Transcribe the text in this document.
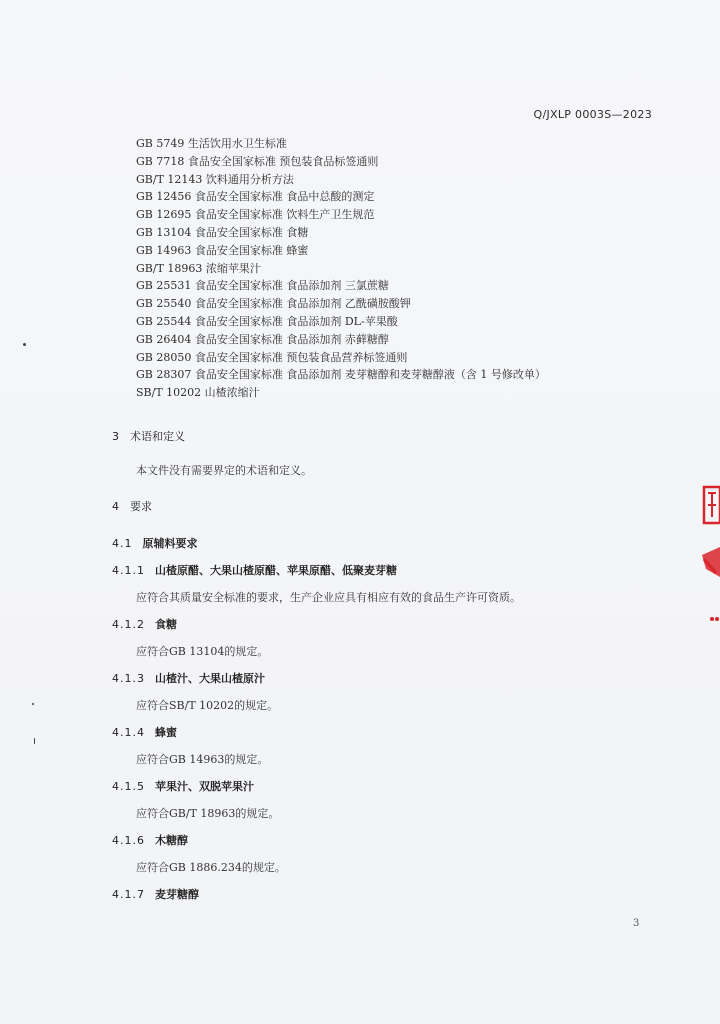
Q/JXLP 0003S—2023
GB 5749 生活饮用水卫生标准
GB 7718 食品安全国家标准 预包装食品标签通则
GB/T 12143 饮料通用分析方法
GB 12456 食品安全国家标准 食品中总酸的测定
GB 12695 食品安全国家标准 饮料生产卫生规范
GB 13104 食品安全国家标准 食糖
GB 14963 食品安全国家标准 蜂蜜
GB/T 18963 浓缩苹果汁
GB 25531 食品安全国家标准 食品添加剂 三氯蔗糖
GB 25540 食品安全国家标准 食品添加剂 乙酰磺胺酸钾
GB 25544 食品安全国家标准 食品添加剂 DL-苹果酸
GB 26404 食品安全国家标准 食品添加剂 赤藓糖醇
GB 28050 食品安全国家标准 预包装食品营养标签通则
GB 28307 食品安全国家标准 食品添加剂 麦芽糖醇和麦芽糖醇液（含 1 号修改单）
SB/T 10202 山楂浓缩汁
3 术语和定义
本文件没有需要界定的术语和定义。
4 要求
4.1 原辅料要求
4.1.1 山楂原醋、大果山楂原醋、苹果原醋、低聚麦芽糖
应符合其质量安全标准的要求，生产企业应具有相应有效的食品生产许可资质。
4.1.2 食糖
应符合GB 13104的规定。
4.1.3 山楂汁、大果山楂原汁
应符合SB/T 10202的规定。
4.1.4 蜂蜜
应符合GB 14963的规定。
4.1.5 苹果汁、双脱苹果汁
应符合GB/T 18963的规定。
4.1.6 木糖醇
应符合GB 1886.234的规定。
4.1.7 麦芽糖醇
3
